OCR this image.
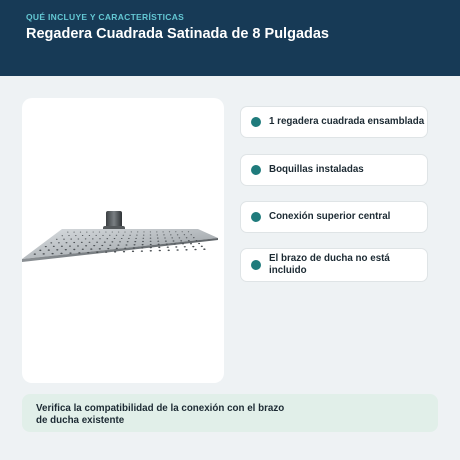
QUÉ INCLUYE Y CARACTERÍSTICAS
Regadera Cuadrada Satinada de 8 Pulgadas
1 regadera cuadrada ensamblada
Boquillas instaladas
Conexión superior central
El brazo de ducha no está incluido
Verifica la compatibilidad de la conexión con el brazo de ducha existente
